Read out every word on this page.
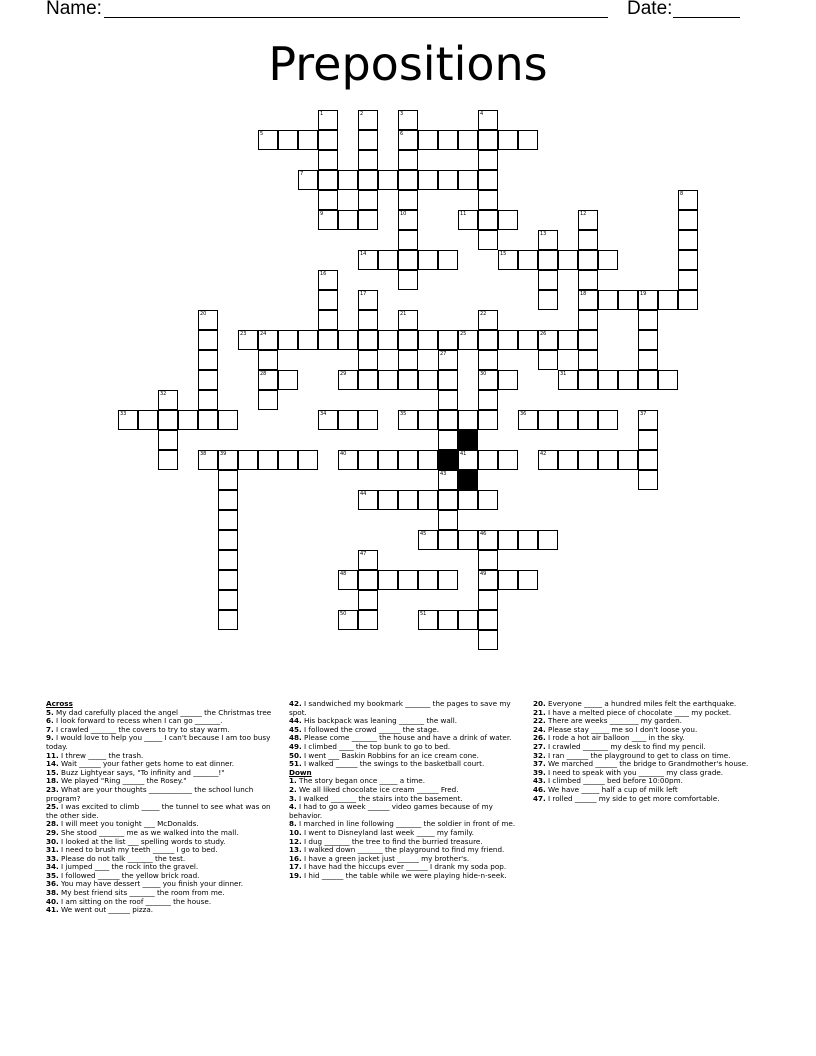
Name:	Date:
Prepositions
5	6
7
9	11
14	15
18	19
23	24	25	26
28	29	30	31
33	34	35	36
38	39	40	41	42
44
45	46
48	49
50	51
1	2	3
10
4
8
12
13
16
17
20	21	22
27
43
32
37
47
Across
5. My dad carefully placed the angel ______ the Christmas tree
6. I look forward to recess when I can go _______.
7. I crawled _______ the covers to try to stay warm.
9. I would love to help you _____ I can't because I am too busy today.
11. I threw _____ the trash.
14. Wait ______ your father gets home to eat dinner.
15. Buzz Lightyear says, "To infinity and _______!"
18. We played "Ring ______ the Rosey."
23. What are your thoughts ____________ the school lunch program?
25. I was excited to climb _____ the tunnel to see what was on the other side.
28. I will meet you tonight ___ McDonalds.
29. She stood _______ me as we walked into the mall.
30. I looked at the list ___ spelling words to study.
31. I need to brush my teeth ______ I go to bed.
33. Please do not talk _______ the test.
34. I jumped ____ the rock into the gravel.
35. I followed ______ the yellow brick road.
36. You may have dessert _____ you finish your dinner.
38. My best friend sits _______ the room from me.
40. I am sitting on the roof _______ the house.
41. We went out ______ pizza.
42. I sandwiched my bookmark _______ the pages to save my spot.
44. His backpack was leaning _______ the wall.
45. I followed the crowd ______ the stage.
48. Please come _______ the house and have a drink of water.
49. I climbed ____ the top bunk to go to bed.
50. I went ___ Baskin Robbins for an ice cream cone.
51. I walked ______ the swings to the basketball court.
Down
1. The story began once _____ a time.
2. We all liked chocolate ice cream ______ Fred.
3. I walked _______ the stairs into the basement.
4. I had to go a week ______ video games because of my behavior.
8. I marched in line following _______ the soldier in front of me.
10. I went to Disneyland last week _____ my family.
12. I dug _______ the tree to find the burried treasure.
13. I walked down _______ the playground to find my friend.
16. I have a green jacket just ______ my brother's.
17. I have had the hiccups ever ______ I drank my soda pop.
19. I hid ______ the table while we were playing hide-n-seek.
20. Everyone _____ a hundred miles felt the earthquake.
21. I have a melted piece of chocolate ____ my pocket.
22. There are weeks ________ my garden.
24. Please stay _____ me so I don't loose you.
26. I rode a hot air balloon ____ in the sky.
27. I crawled _______ my desk to find my pencil.
32. I ran ______ the playground to get to class on time.
37. We marched ______ the bridge to Grandmother's house.
39. I need to speak with you _______ my class grade.
43. I climbed ______ bed before 10:00pm.
46. We have _____ half a cup of milk left
47. I rolled ______ my side to get more comfortable.
